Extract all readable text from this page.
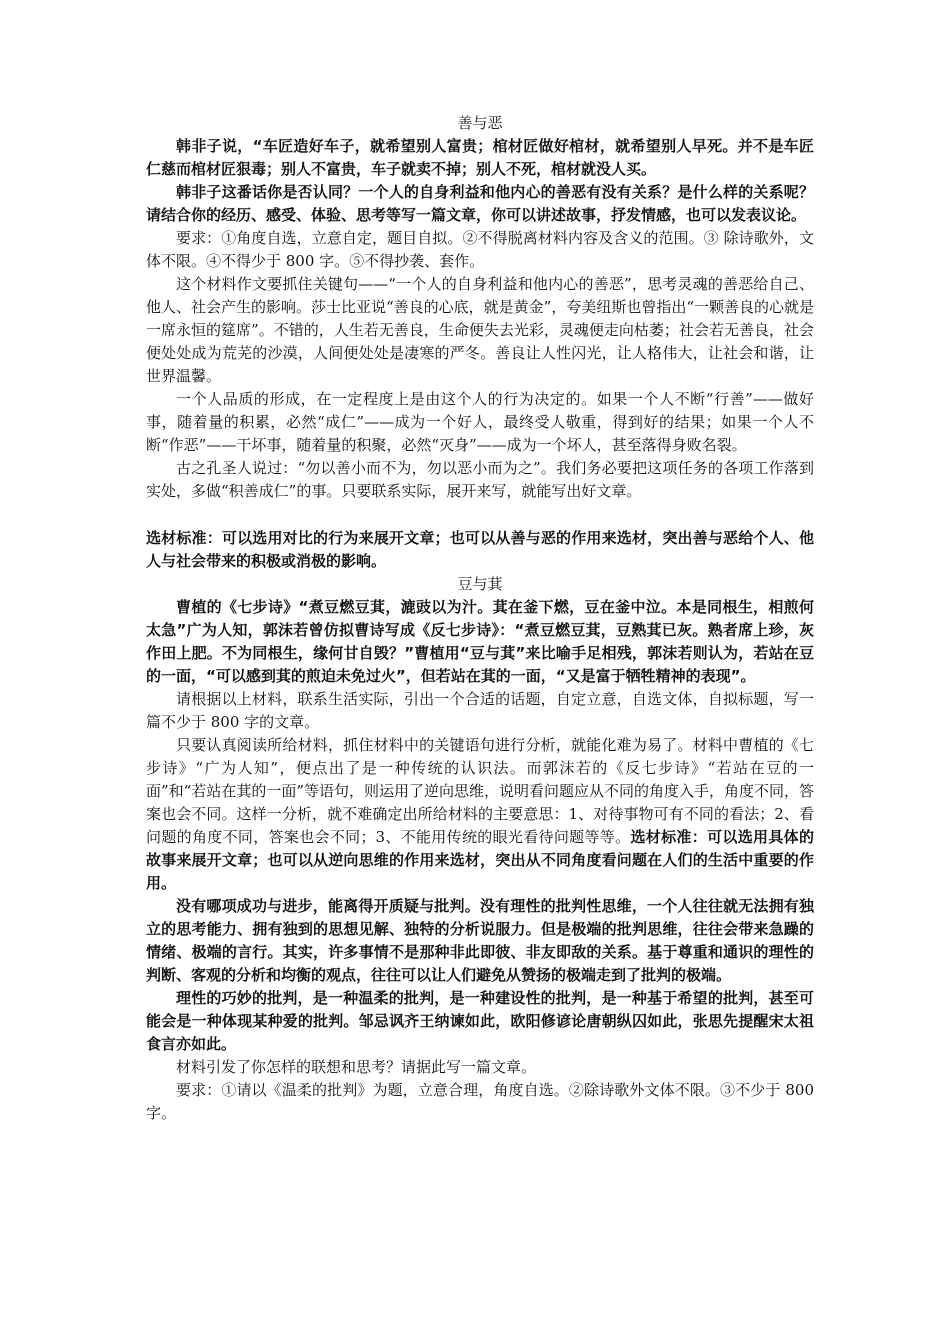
善与恶

韩非子说，“车匠造好车子，就希望别人富贵；棺材匠做好棺材，就希望别人早死。并不是车匠仁慈而棺材匠狠毒；别人不富贵，车子就卖不掉；别人不死，棺材就没人买。

韩非子这番话你是否认同？一个人的自身利益和他内心的善恶有没有关系？是什么样的关系呢？请结合你的经历、感受、体验、思考等写一篇文章，你可以讲述故事，抒发情感，也可以发表议论。

要求：①角度自选，立意自定，题目自拟。②不得脱离材料内容及含义的范围。③ 除诗歌外，文体不限。④不得少于 800 字。⑤不得抄袭、套作。

这个材料作文要抓住关键句——“一个人的自身利益和他内心的善恶”，思考灵魂的善恶给自己、他人、社会产生的影响。莎士比亚说“善良的心底，就是黄金”，夸美纽斯也曾指出“一颗善良的心就是一席永恒的筵席”。不错的，人生若无善良，生命便失去光彩，灵魂便走向枯萎；社会若无善良，社会便处处成为荒芜的沙漠，人间便处处是凄寒的严冬。善良让人性闪光，让人格伟大，让社会和谐，让世界温馨。

一个人品质的形成，在一定程度上是由这个人的行为决定的。如果一个人不断“行善”——做好事，随着量的积累，必然“成仁”——成为一个好人，最终受人敬重，得到好的结果；如果一个人不断“作恶”——干坏事，随着量的积聚，必然“灭身”——成为一个坏人，甚至落得身败名裂。

古之孔圣人说过：“勿以善小而不为，勿以恶小而为之”。我们务必要把这项任务的各项工作落到实处，多做“积善成仁”的事。只要联系实际，展开来写，就能写出好文章。

选材标准：可以选用对比的行为来展开文章；也可以从善与恶的作用来选材，突出善与恶给个人、他人与社会带来的积极或消极的影响。

豆与萁

曹植的《七步诗》“煮豆燃豆萁，漉豉以为汁。萁在釜下燃，豆在釜中泣。本是同根生，相煎何太急”广为人知，郭沫若曾仿拟曹诗写成《反七步诗》：“煮豆燃豆萁，豆熟萁已灰。熟者席上珍，灰作田上肥。不为同根生，缘何甘自毁？”曹植用“豆与萁”来比喻手足相残，郭沫若则认为，若站在豆的一面，“可以感到萁的煎迫未免过火”，但若站在萁的一面，“又是富于牺牲精神的表现”。

请根据以上材料，联系生活实际，引出一个合适的话题，自定立意，自选文体，自拟标题，写一篇不少于 800 字的文章。

只要认真阅读所给材料，抓住材料中的关键语句进行分析，就能化难为易了。材料中曹植的《七步诗》“广为人知”，便点出了是一种传统的认识法。而郭沫若的《反七步诗》“若站在豆的一面”和“若站在萁的一面”等语句，则运用了逆向思维，说明看问题应从不同的角度入手，角度不同，答案也会不同。这样一分析，就不难确定出所给材料的主要意思：1、对待事物可有不同的看法；2、看问题的角度不同，答案也会不同；3、不能用传统的眼光看待问题等等。选材标准：可以选用具体的故事来展开文章；也可以从逆向思维的作用来选材，突出从不同角度看问题在人们的生活中重要的作用。

没有哪项成功与进步，能离得开质疑与批判。没有理性的批判性思维，一个人往往就无法拥有独立的思考能力、拥有独到的思想见解、独特的分析说服力。但是极端的批判思维，往往会带来急躁的情绪、极端的言行。其实，许多事情不是那种非此即彼、非友即敌的关系。基于尊重和通识的理性的判断、客观的分析和均衡的观点，往往可以让人们避免从赞扬的极端走到了批判的极端。

理性的巧妙的批判，是一种温柔的批判，是一种建设性的批判，是一种基于希望的批判，甚至可能会是一种体现某种爱的批判。邹忌讽齐王纳谏如此，欧阳修谚论唐朝纵囚如此，张思先提醒宋太祖食言亦如此。

材料引发了你怎样的联想和思考？请据此写一篇文章。

要求：①请以《温柔的批判》为题，立意合理，角度自选。②除诗歌外文体不限。③不少于 800 字。
